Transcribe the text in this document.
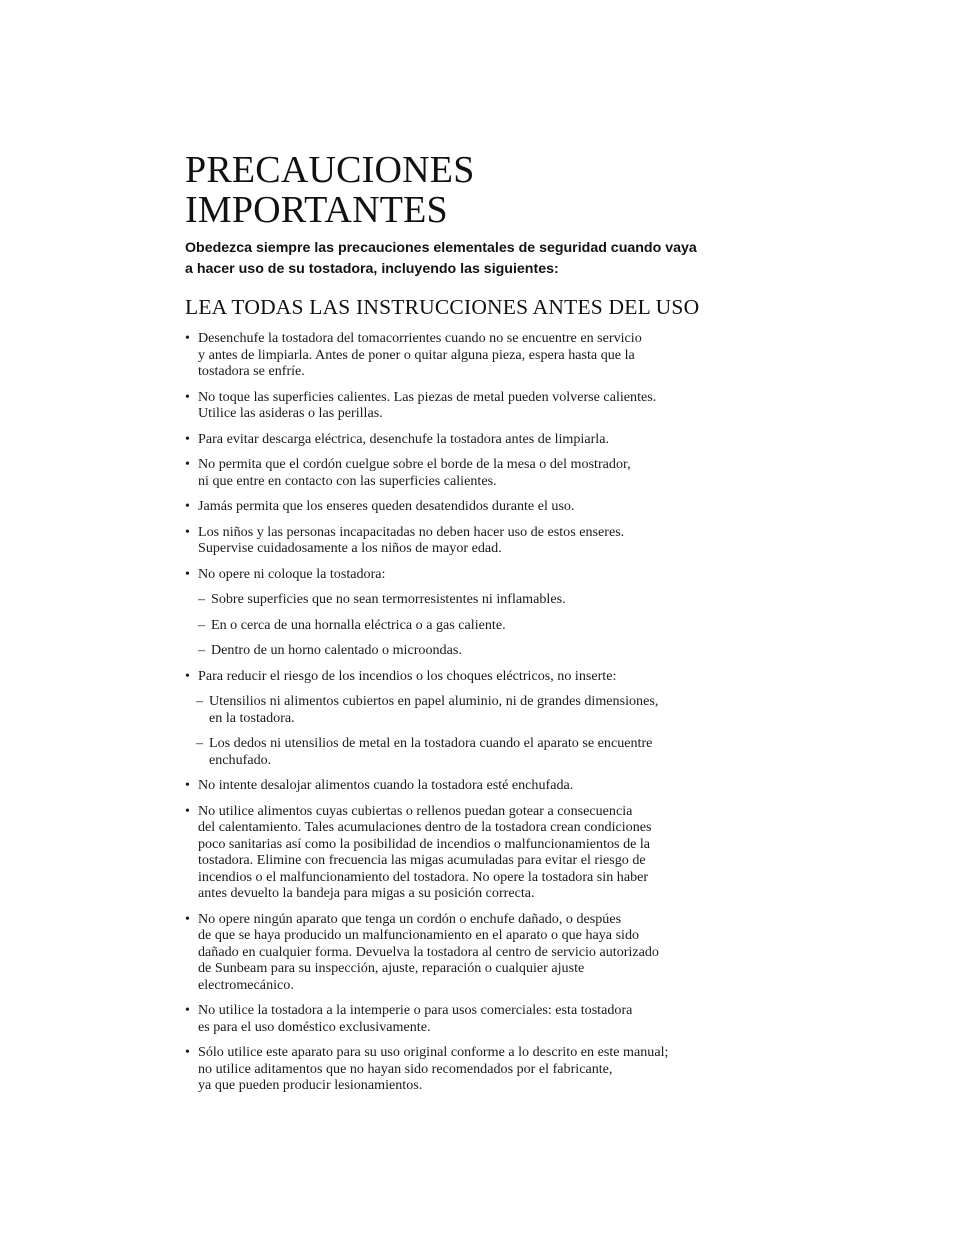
PRECAUCIONES IMPORTANTES
Obedezca siempre las precauciones elementales de seguridad cuando vaya
a hacer uso de su tostadora, incluyendo las siguientes:
LEA TODAS LAS INSTRUCCIONES ANTES DEL USO
• Desenchufe la tostadora del tomacorrientes cuando no se encuentre en servicio
y antes de limpiarla. Antes de poner o quitar alguna pieza, espera hasta que la
tostadora se enfríe.
• No toque las superficies calientes. Las piezas de metal pueden volverse calientes.
Utilice las asideras o las perillas.
• Para evitar descarga eléctrica, desenchufe la tostadora antes de limpiarla.
• No permita que el cordón cuelgue sobre el borde de la mesa o del mostrador,
ni que entre en contacto con las superficies calientes.
• Jamás permita que los enseres queden desatendidos durante el uso.
• Los niños y las personas incapacitadas no deben hacer uso de estos enseres.
Supervise cuidadosamente a los niños de mayor edad.
• No opere ni coloque la tostadora:
– Sobre superficies que no sean termorresistentes ni inflamables.
– En o cerca de una hornalla eléctrica o a gas caliente.
– Dentro de un horno calentado o microondas.
• Para reducir el riesgo de los incendios o los choques eléctricos, no inserte:
– Utensilios ni alimentos cubiertos en papel aluminio, ni de grandes dimensiones,
en la tostadora.
– Los dedos ni utensilios de metal en la tostadora cuando el aparato se encuentre
enchufado.
• No intente desalojar alimentos cuando la tostadora esté enchufada.
• No utilice alimentos cuyas cubiertas o rellenos puedan gotear a consecuencia
del calentamiento. Tales acumulaciones dentro de la tostadora crean condiciones
poco sanitarias así como la posibilidad de incendios o malfuncionamientos de la
tostadora. Elimine con frecuencia las migas acumuladas para evitar el riesgo de
incendios o el malfuncionamiento del tostadora. No opere la tostadora sin haber
antes devuelto la bandeja para migas a su posición correcta.
• No opere ningún aparato que tenga un cordón o enchufe dañado, o despúes
de que se haya producido un malfuncionamiento en el aparato o que haya sido
dañado en cualquier forma. Devuelva la tostadora al centro de servicio autorizado
de Sunbeam para su inspección, ajuste, reparación o cualquier ajuste
electromecánico.
• No utilice la tostadora a la intemperie o para usos comerciales: esta tostadora
es para el uso doméstico exclusivamente.
• Sólo utilice este aparato para su uso original conforme a lo descrito en este manual;
no utilice aditamentos que no hayan sido recomendados por el fabricante,
ya que pueden producir lesionamientos.
